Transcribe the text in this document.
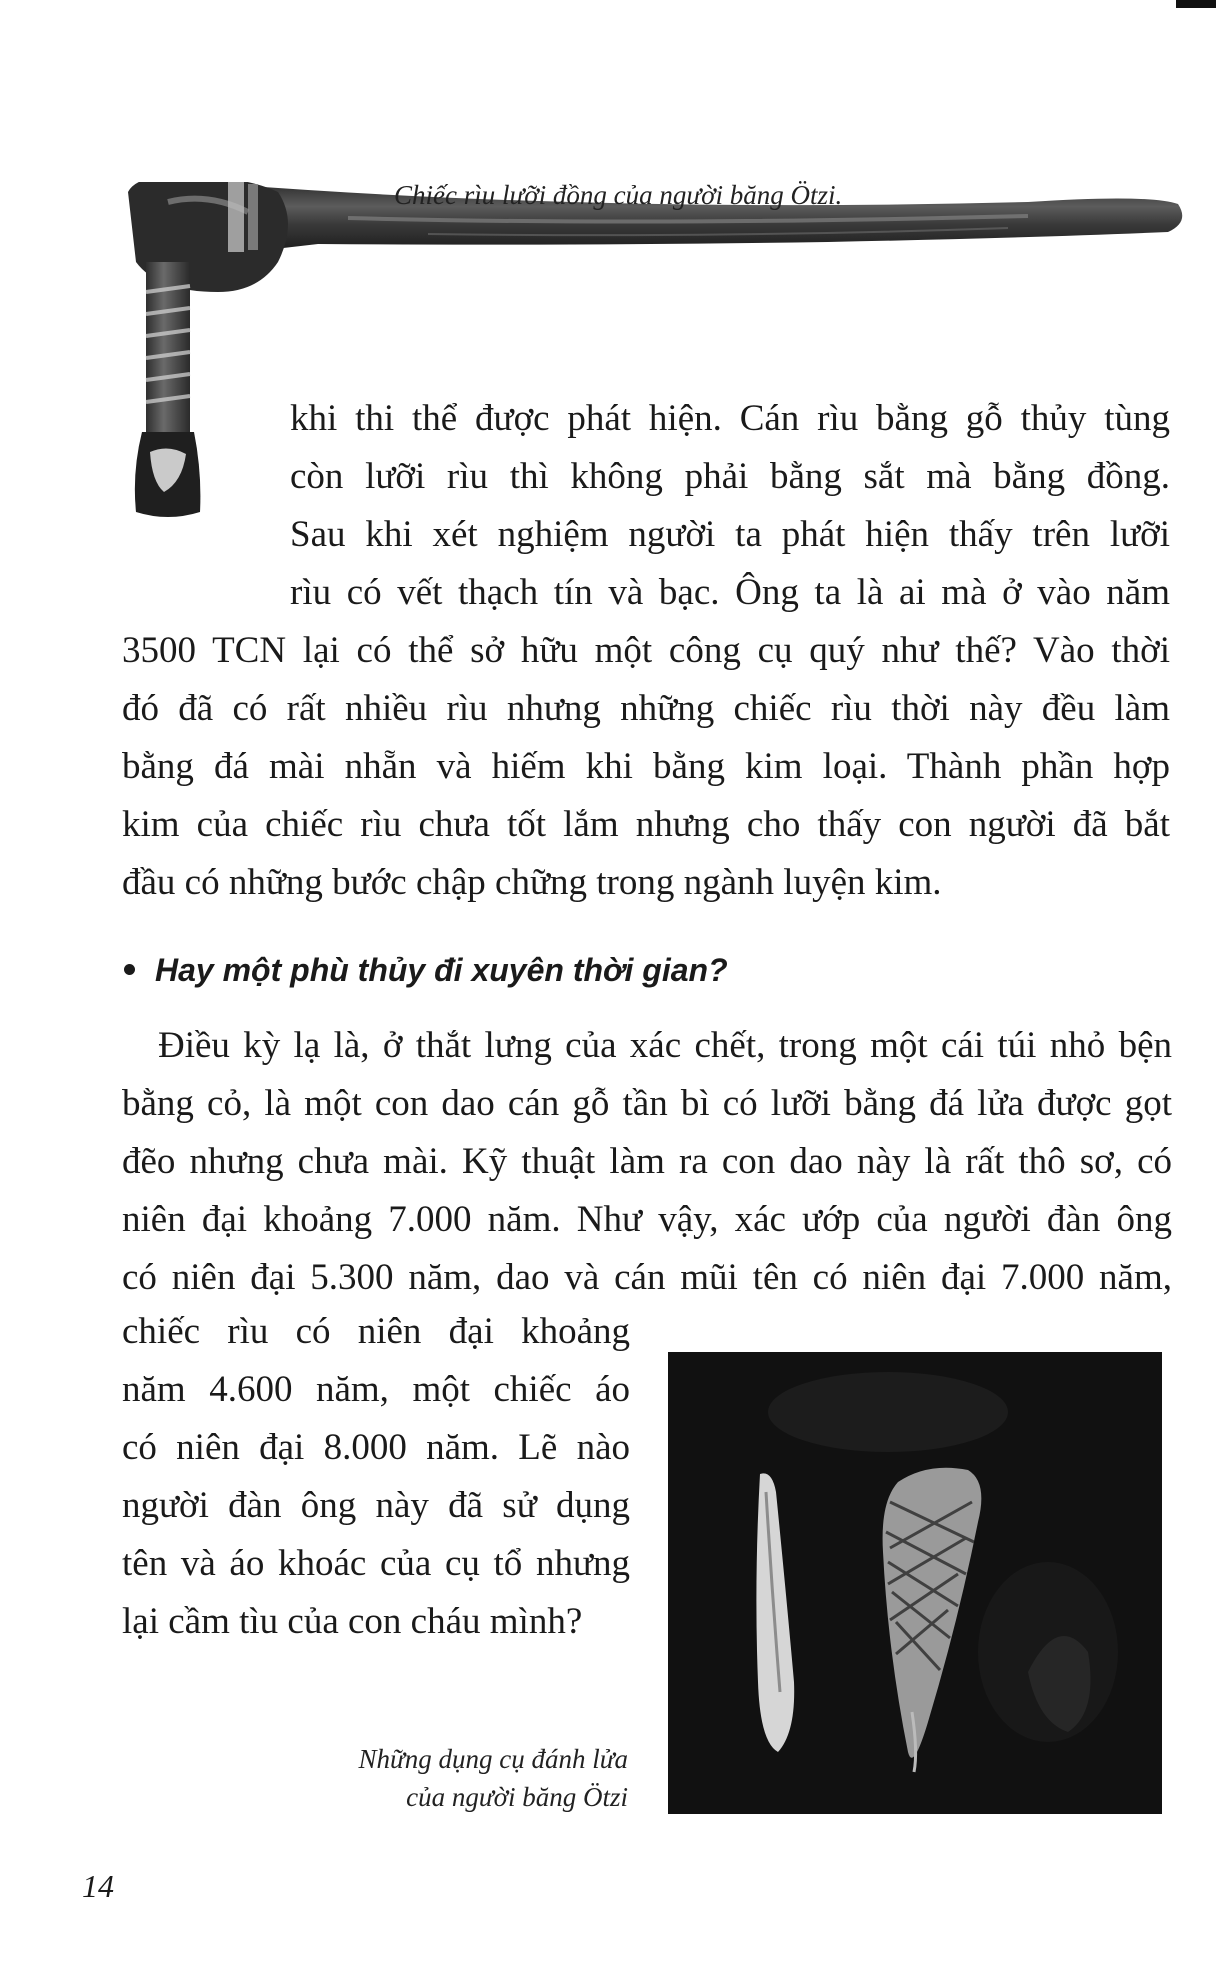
Chiếc rìu lưỡi đồng của người băng Ötzi.
khi thi thể được phát hiện. Cán rìu bằng gỗ thủy tùng
còn lưỡi rìu thì không phải bằng sắt mà bằng đồng.
Sau khi xét nghiệm người ta phát hiện thấy trên lưỡi
rìu có vết thạch tín và bạc. Ông ta là ai mà ở vào năm
3500 TCN lại có thể sở hữu một công cụ quý như thế? Vào thời
đó đã có rất nhiều rìu nhưng những chiếc rìu thời này đều làm
bằng đá mài nhẵn và hiếm khi bằng kim loại. Thành phần hợp
kim của chiếc rìu chưa tốt lắm nhưng cho thấy con người đã bắt
đầu có những bước chập chững trong ngành luyện kim.
Hay một phù thủy đi xuyên thời gian?
Điều kỳ lạ là, ở thắt lưng của xác chết, trong một cái túi nhỏ bện
bằng cỏ, là một con dao cán gỗ tần bì có lưỡi bằng đá lửa được gọt
đẽo nhưng chưa mài. Kỹ thuật làm ra con dao này là rất thô sơ, có
niên đại khoảng 7.000 năm. Như vậy, xác ướp của người đàn ông
có niên đại 5.300 năm, dao và cán mũi tên có niên đại 7.000 năm,
chiếc rìu có niên đại khoảng
năm 4.600 năm, một chiếc áo
có niên đại 8.000 năm. Lẽ nào
người đàn ông này đã sử dụng
tên và áo khoác của cụ tổ nhưng
lại cầm tìu của con cháu mình?
Những dụng cụ đánh lửa
của người băng Ötzi
14
